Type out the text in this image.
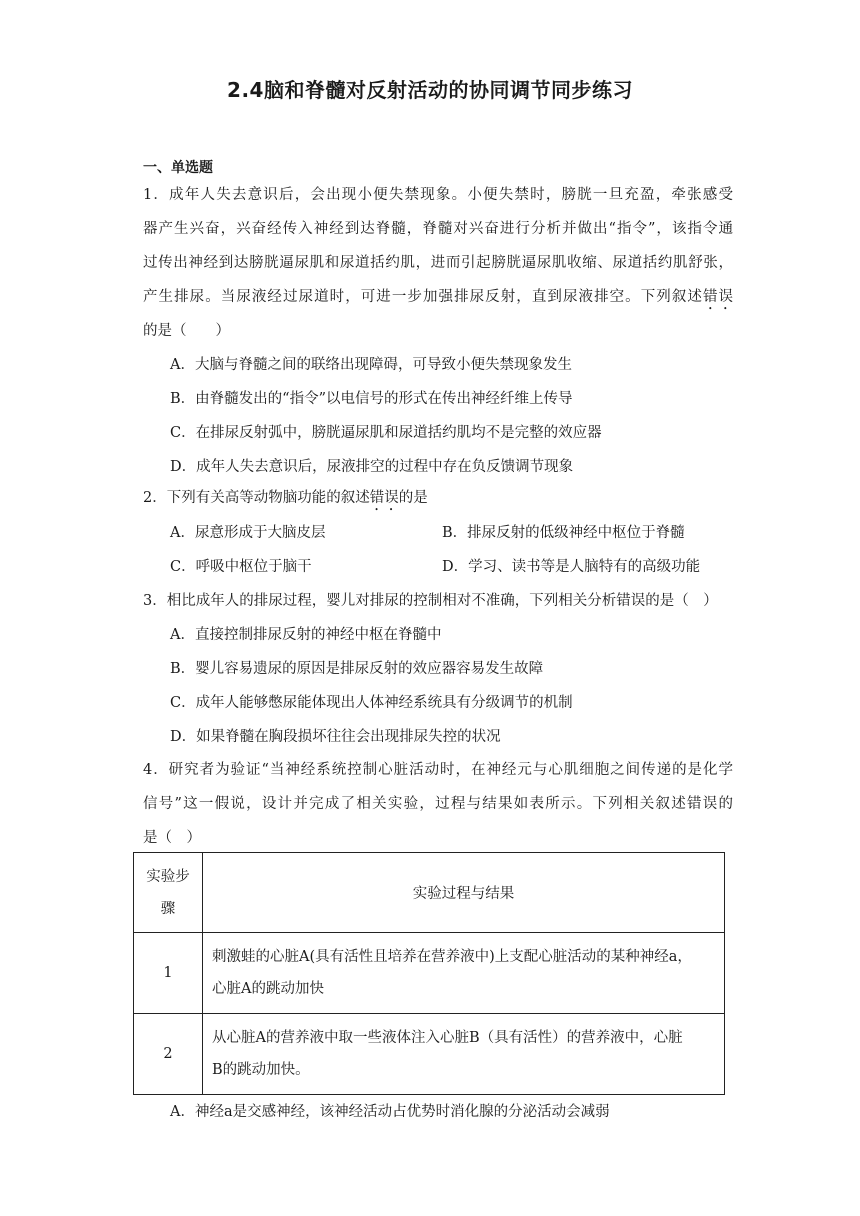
2.4脑和脊髓对反射活动的协同调节同步练习
一、单选题
1．成年人失去意识后，会出现小便失禁现象。小便失禁时，膀胱一旦充盈，牵张感受
器产生兴奋，兴奋经传入神经到达脊髓，脊髓对兴奋进行分析并做出“指令”，该指令通
过传出神经到达膀胱逼尿肌和尿道括约肌，进而引起膀胱逼尿肌收缩、尿道括约肌舒张，
产生排尿。当尿液经过尿道时，可进一步加强排尿反射，直到尿液排空。下列叙述错误
的是（　　）
A．大脑与脊髓之间的联络出现障碍，可导致小便失禁现象发生
B．由脊髓发出的“指令”以电信号的形式在传出神经纤维上传导
C．在排尿反射弧中，膀胱逼尿肌和尿道括约肌均不是完整的效应器
D．成年人失去意识后，尿液排空的过程中存在负反馈调节现象
2．下列有关高等动物脑功能的叙述错误的是
A．尿意形成于大脑皮层	B．排尿反射的低级神经中枢位于脊髓
C．呼吸中枢位于脑干	D．学习、读书等是人脑特有的高级功能
3．相比成年人的排尿过程，婴儿对排尿的控制相对不准确，下列相关分析错误的是（　）
A．直接控制排尿反射的神经中枢在脊髓中
B．婴儿容易遗尿的原因是排尿反射的效应器容易发生故障
C．成年人能够憋尿能体现出人体神经系统具有分级调节的机制
D．如果脊髓在胸段损坏往往会出现排尿失控的状况
4．研究者为验证“当神经系统控制心脏活动时，在神经元与心肌细胞之间传递的是化学
信号”这一假说，设计并完成了相关实验，过程与结果如表所示。下列相关叙述错误的
是（　）
实验步
骤	实验过程与结果
1	刺激蛙的心脏A(具有活性且培养在营养液中)上支配心脏活动的某种神经a，
心脏A的跳动加快

2	从心脏A的营养液中取一些液体注入心脏B（具有活性）的营养液中，心脏
B的跳动加快。
A．神经a是交感神经，该神经活动占优势时消化腺的分泌活动会减弱
